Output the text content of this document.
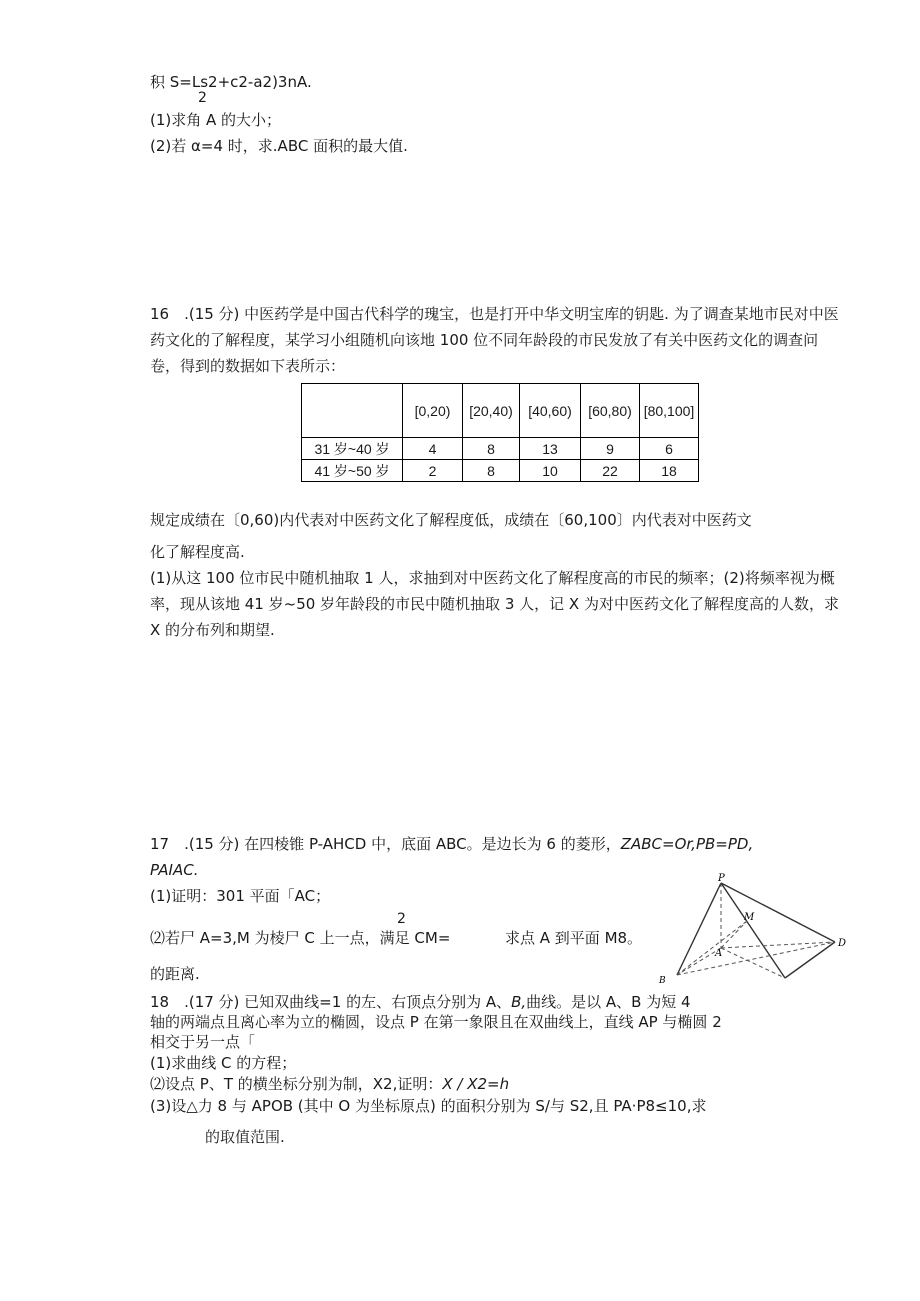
积 S=Ls2+c2-a2)3nA.
2
(1)求角 A 的大小；
(2)若 α=4 时，求.ABC 面积的最大值.
16　.(15 分) 中医药学是中国古代科学的瑰宝，也是打开中华文明宝库的钥匙. 为了调查某地市民对中医
药文化的了解程度，某学习小组随机向该地 100 位不同年龄段的市民发放了有关中医药文化的调查问
卷，得到的数据如下表所示：
	[0,20)	[20,40)	[40,60)	[60,80)	[80,100]
31 岁~40 岁	4	8	13	9	6
41 岁~50 岁	2	8	10	22	18
规定成绩在〔0,60)内代表对中医药文化了解程度低，成绩在〔60,100〕内代表对中医药文
化了解程度高.
(1)从这 100 位市民中随机抽取 1 人，求抽到对中医药文化了解程度高的市民的频率；(2)将频率视为概
率，现从该地 41 岁~50 岁年龄段的市民中随机抽取 3 人，记 X 为对中医药文化了解程度高的人数，求
X 的分布列和期望.
17　.(15 分) 在四棱锥 P-AHCD 中，底面 ABC。是边长为 6 的菱形，ZABC=Or,PB=PD,
PAIAC.
(1)证明：301 平面「AC；
2
⑵若尸 A=3,M 为棱尸 C 上一点，满足 CM=	求点 A 到平面 M8。
的距离.
P
M
A
D
B
18　.(17 分) 已知双曲线=1 的左、右顶点分别为 A、B,曲线。是以 A、B 为短 4
轴的两端点且离心率为立的椭圆，设点 P 在第一象限且在双曲线上，直线 AP 与椭圆 2
相交于另一点「
(1)求曲线 C 的方程；
⑵设点 P、T 的横坐标分别为制，X2,证明：X / X2=h
(3)设△力 8 与 APOB (其中 O 为坐标原点) 的面积分别为 S/与 S2,且 PA·P8≤10,求
的取值范围.
